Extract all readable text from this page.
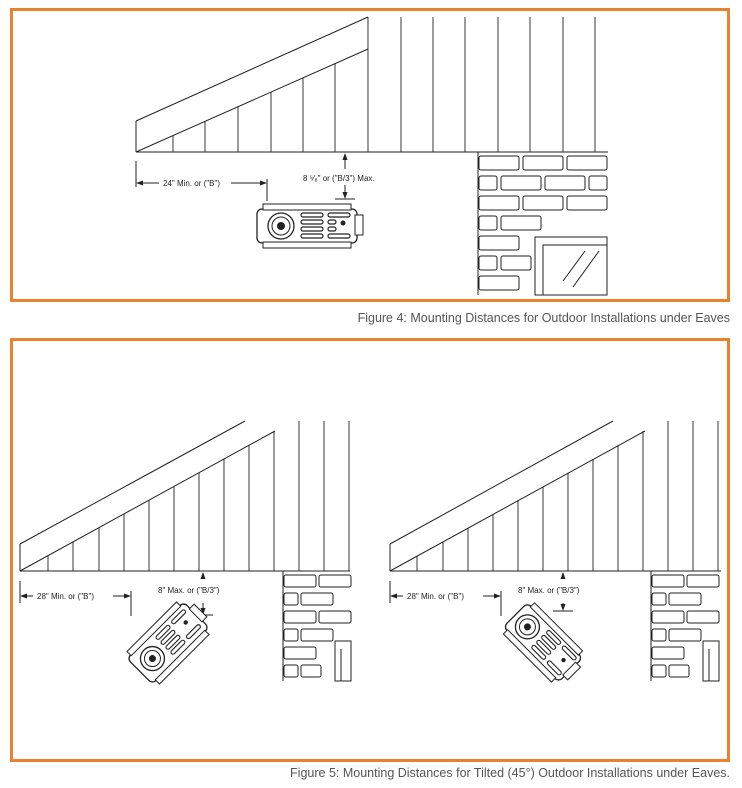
24" Min. or ("B")
8 ⁵⁄₈" or ("B/3") Max.
Figure 4: Mounting Distances for Outdoor Installations under Eaves
28" Min. or ("B")
8" Max. or ("B/3")
28" Min. or ("B")
8" Max. or ("B/3")
Figure 5: Mounting Distances for Tilted (45°) Outdoor Installations under Eaves.
